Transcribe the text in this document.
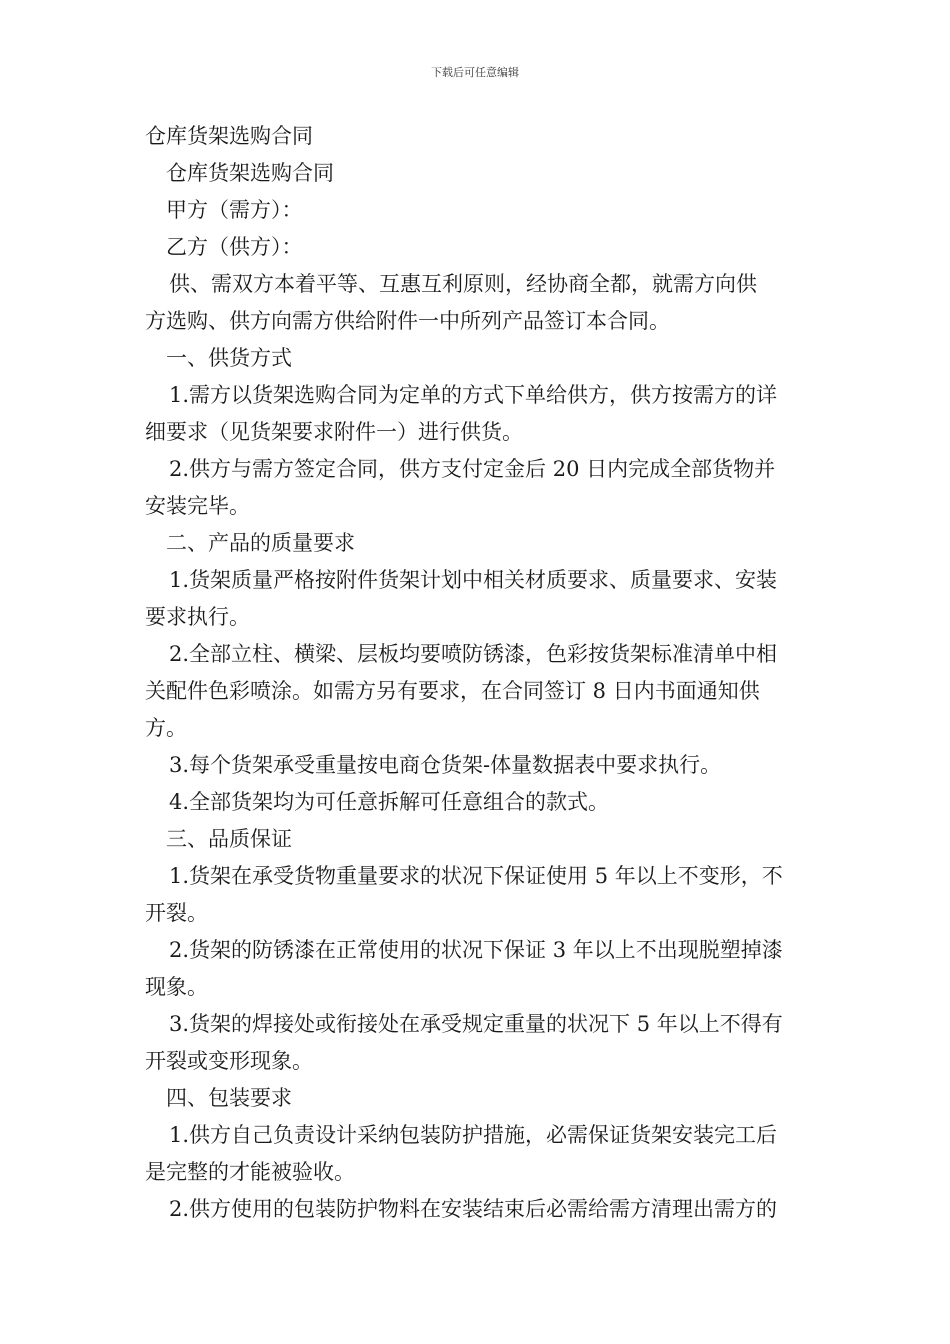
下载后可任意编辑
仓库货架选购合同
仓库货架选购合同
甲方（需方）：
乙方（供方）：
供、需双方本着平等、互惠互利原则，经协商全都，就需方向供
方选购、供方向需方供给附件一中所列产品签订本合同。
一、供货方式
1.需方以货架选购合同为定单的方式下单给供方，供方按需方的详
细要求（见货架要求附件一）进行供货。
2.供方与需方签定合同，供方支付定金后 20 日内完成全部货物并
安装完毕。
二、产品的质量要求
1.货架质量严格按附件货架计划中相关材质要求、质量要求、安装
要求执行。
2.全部立柱、横梁、层板均要喷防锈漆，色彩按货架标准清单中相
关配件色彩喷涂。如需方另有要求，在合同签订 8 日内书面通知供
方。
3.每个货架承受重量按电商仓货架-体量数据表中要求执行。
4.全部货架均为可任意拆解可任意组合的款式。
三、品质保证
1.货架在承受货物重量要求的状况下保证使用 5 年以上不变形，不
开裂。
2.货架的防锈漆在正常使用的状况下保证 3 年以上不出现脱塑掉漆
现象。
3.货架的焊接处或衔接处在承受规定重量的状况下 5 年以上不得有
开裂或变形现象。
四、包装要求
1.供方自己负责设计采纳包装防护措施，必需保证货架安装完工后
是完整的才能被验收。
2.供方使用的包装防护物料在安装结束后必需给需方清理出需方的
